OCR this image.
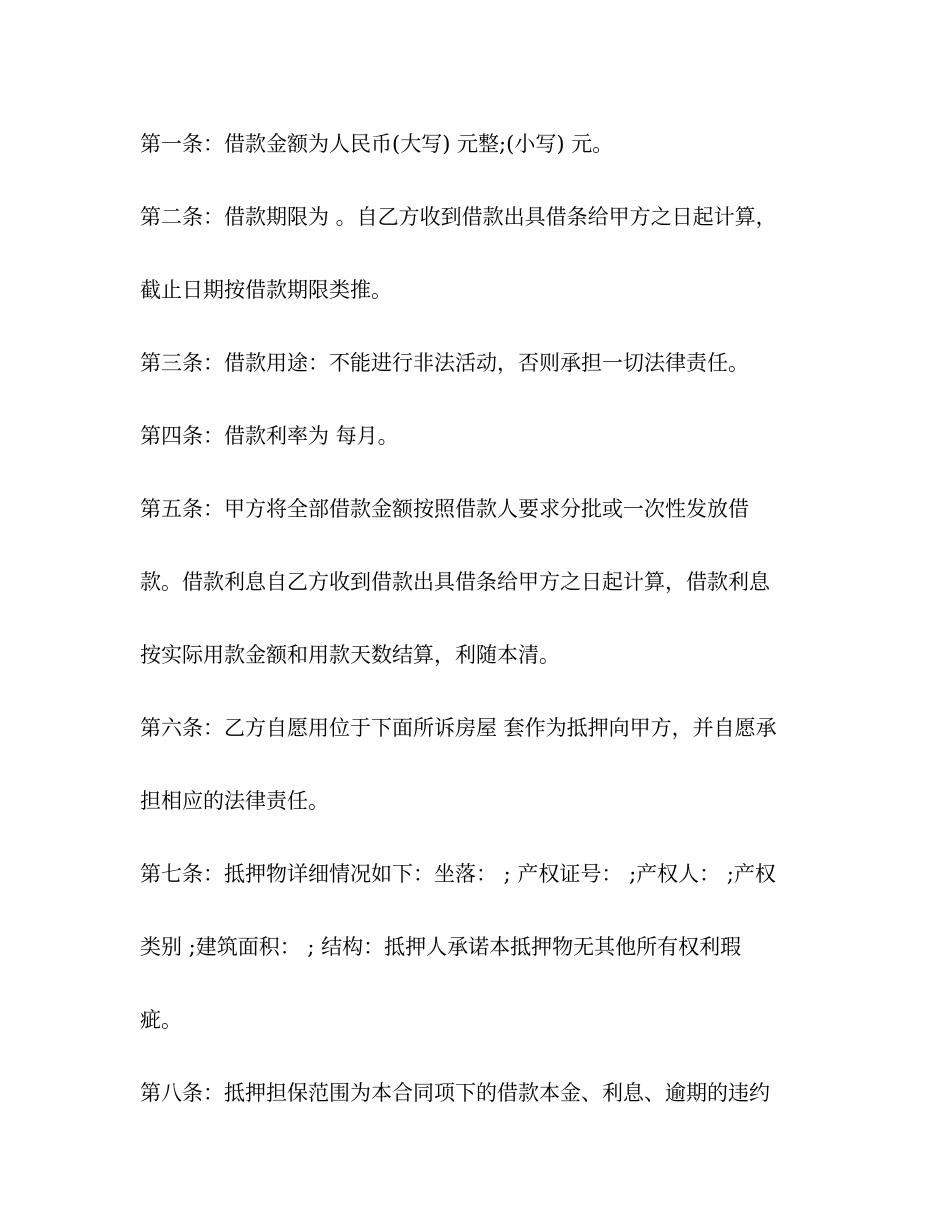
第一条：借款金额为人民币(大写) 元整;(小写) 元。
第二条：借款期限为 。自乙方收到借款出具借条给甲方之日起计算，
截止日期按借款期限类推。
第三条：借款用途：不能进行非法活动，否则承担一切法律责任。
第四条：借款利率为 每月。
第五条：甲方将全部借款金额按照借款人要求分批或一次性发放借
款。借款利息自乙方收到借款出具借条给甲方之日起计算，借款利息
按实际用款金额和用款天数结算，利随本清。
第六条：乙方自愿用位于下面所诉房屋 套作为抵押向甲方，并自愿承
担相应的法律责任。
第七条：抵押物详细情况如下：坐落： ; 产权证号： ;产权人： ;产权
类别 ;建筑面积： ; 结构：抵押人承诺本抵押物无其他所有权利瑕
疵。
第八条：抵押担保范围为本合同项下的借款本金、利息、逾期的违约
